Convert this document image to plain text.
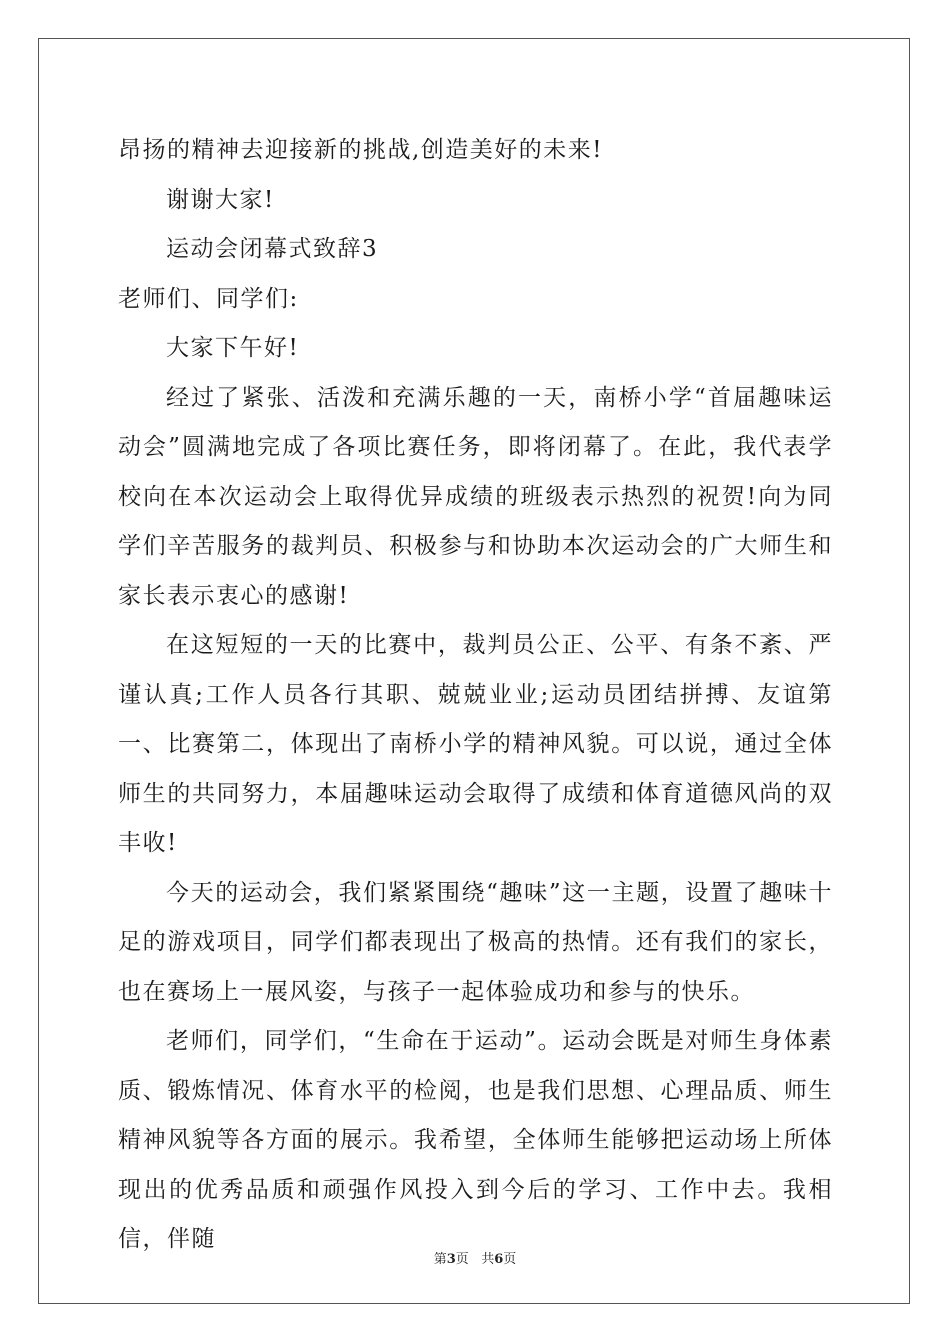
昂扬的精神去迎接新的挑战,创造美好的未来!

谢谢大家!

运动会闭幕式致辞3

老师们、同学们:

大家下午好!

经过了紧张、活泼和充满乐趣的一天，南桥小学“首届趣味运动会”圆满地完成了各项比赛任务，即将闭幕了。在此，我代表学校向在本次运动会上取得优异成绩的班级表示热烈的祝贺!向为同学们辛苦服务的裁判员、积极参与和协助本次运动会的广大师生和家长表示衷心的感谢!

在这短短的一天的比赛中，裁判员公正、公平、有条不紊、严谨认真;工作人员各行其职、兢兢业业;运动员团结拼搏、友谊第一、比赛第二，体现出了南桥小学的精神风貌。可以说，通过全体师生的共同努力，本届趣味运动会取得了成绩和体育道德风尚的双丰收!

今天的运动会，我们紧紧围绕“趣味”这一主题，设置了趣味十足的游戏项目，同学们都表现出了极高的热情。还有我们的家长，也在赛场上一展风姿，与孩子一起体验成功和参与的快乐。

老师们，同学们，“生命在于运动”。运动会既是对师生身体素质、锻炼情况、体育水平的检阅，也是我们思想、心理品质、师生精神风貌等各方面的展示。我希望，全体师生能够把运动场上所体现出的优秀品质和顽强作风投入到今后的学习、工作中去。我相信，伴随

第3页 共6页
